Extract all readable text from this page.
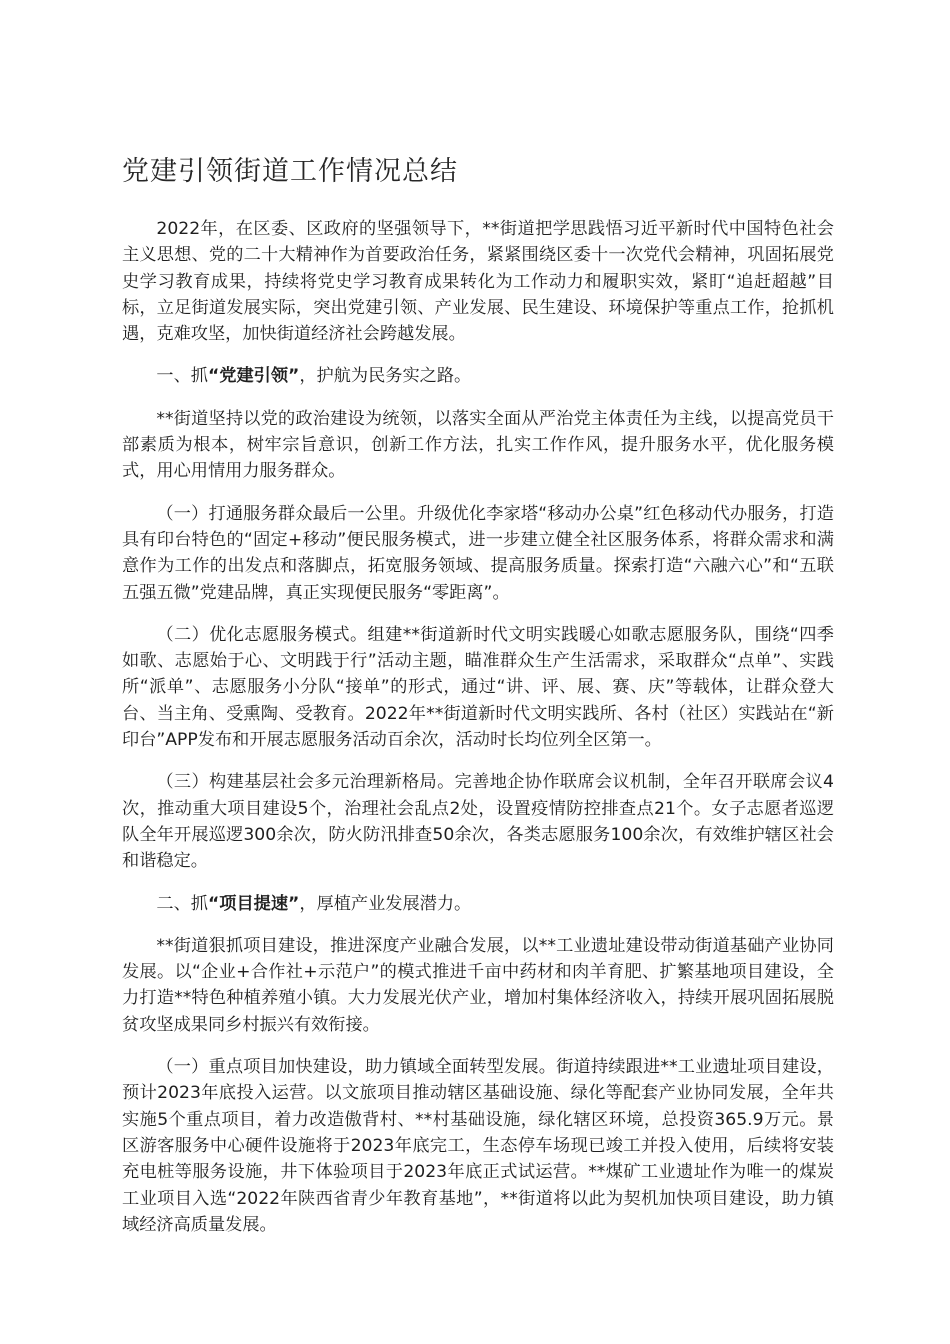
党建引领街道工作情况总结

2022年，在区委、区政府的坚强领导下，**街道把学思践悟习近平新时代中国特色社会主义思想、党的二十大精神作为首要政治任务，紧紧围绕区委十一次党代会精神，巩固拓展党史学习教育成果，持续将党史学习教育成果转化为工作动力和履职实效，紧盯“追赶超越”目标，立足街道发展实际，突出党建引领、产业发展、民生建设、环境保护等重点工作，抢抓机遇，克难攻坚，加快街道经济社会跨越发展。

一、抓“党建引领”，护航为民务实之路。

**街道坚持以党的政治建设为统领，以落实全面从严治党主体责任为主线，以提高党员干部素质为根本，树牢宗旨意识，创新工作方法，扎实工作作风，提升服务水平，优化服务模式，用心用情用力服务群众。

（一）打通服务群众最后一公里。升级优化李家塔“移动办公桌”红色移动代办服务，打造具有印台特色的“固定+移动”便民服务模式，进一步建立健全社区服务体系，将群众需求和满意作为工作的出发点和落脚点，拓宽服务领域、提高服务质量。探索打造“六融六心”和“五联五强五微”党建品牌，真正实现便民服务“零距离”。

（二）优化志愿服务模式。组建**街道新时代文明实践暖心如歌志愿服务队，围绕“四季如歌、志愿始于心、文明践于行”活动主题，瞄准群众生产生活需求，采取群众“点单”、实践所“派单”、志愿服务小分队“接单”的形式，通过“讲、评、展、赛、庆”等载体，让群众登大台、当主角、受熏陶、受教育。2022年**街道新时代文明实践所、各村（社区）实践站在“新印台”APP发布和开展志愿服务活动百余次，活动时长均位列全区第一。

（三）构建基层社会多元治理新格局。完善地企协作联席会议机制，全年召开联席会议4次，推动重大项目建设5个，治理社会乱点2处，设置疫情防控排查点21个。女子志愿者巡逻队全年开展巡逻300余次，防火防汛排查50余次，各类志愿服务100余次，有效维护辖区社会和谐稳定。

二、抓“项目提速”，厚植产业发展潜力。

**街道狠抓项目建设，推进深度产业融合发展，以**工业遗址建设带动街道基础产业协同发展。以“企业+合作社+示范户”的模式推进千亩中药材和肉羊育肥、扩繁基地项目建设，全力打造**特色种植养殖小镇。大力发展光伏产业，增加村集体经济收入，持续开展巩固拓展脱贫攻坚成果同乡村振兴有效衔接。

（一）重点项目加快建设，助力镇域全面转型发展。街道持续跟进**工业遗址项目建设，预计2023年底投入运营。以文旅项目推动辖区基础设施、绿化等配套产业协同发展，全年共实施5个重点项目，着力改造傲背村、**村基础设施，绿化辖区环境，总投资365.9万元。景区游客服务中心硬件设施将于2023年底完工，生态停车场现已竣工并投入使用，后续将安装充电桩等服务设施，井下体验项目于2023年底正式试运营。**煤矿工业遗址作为唯一的煤炭工业项目入选“2022年陕西省青少年教育基地”，**街道将以此为契机加快项目建设，助力镇域经济高质量发展。
